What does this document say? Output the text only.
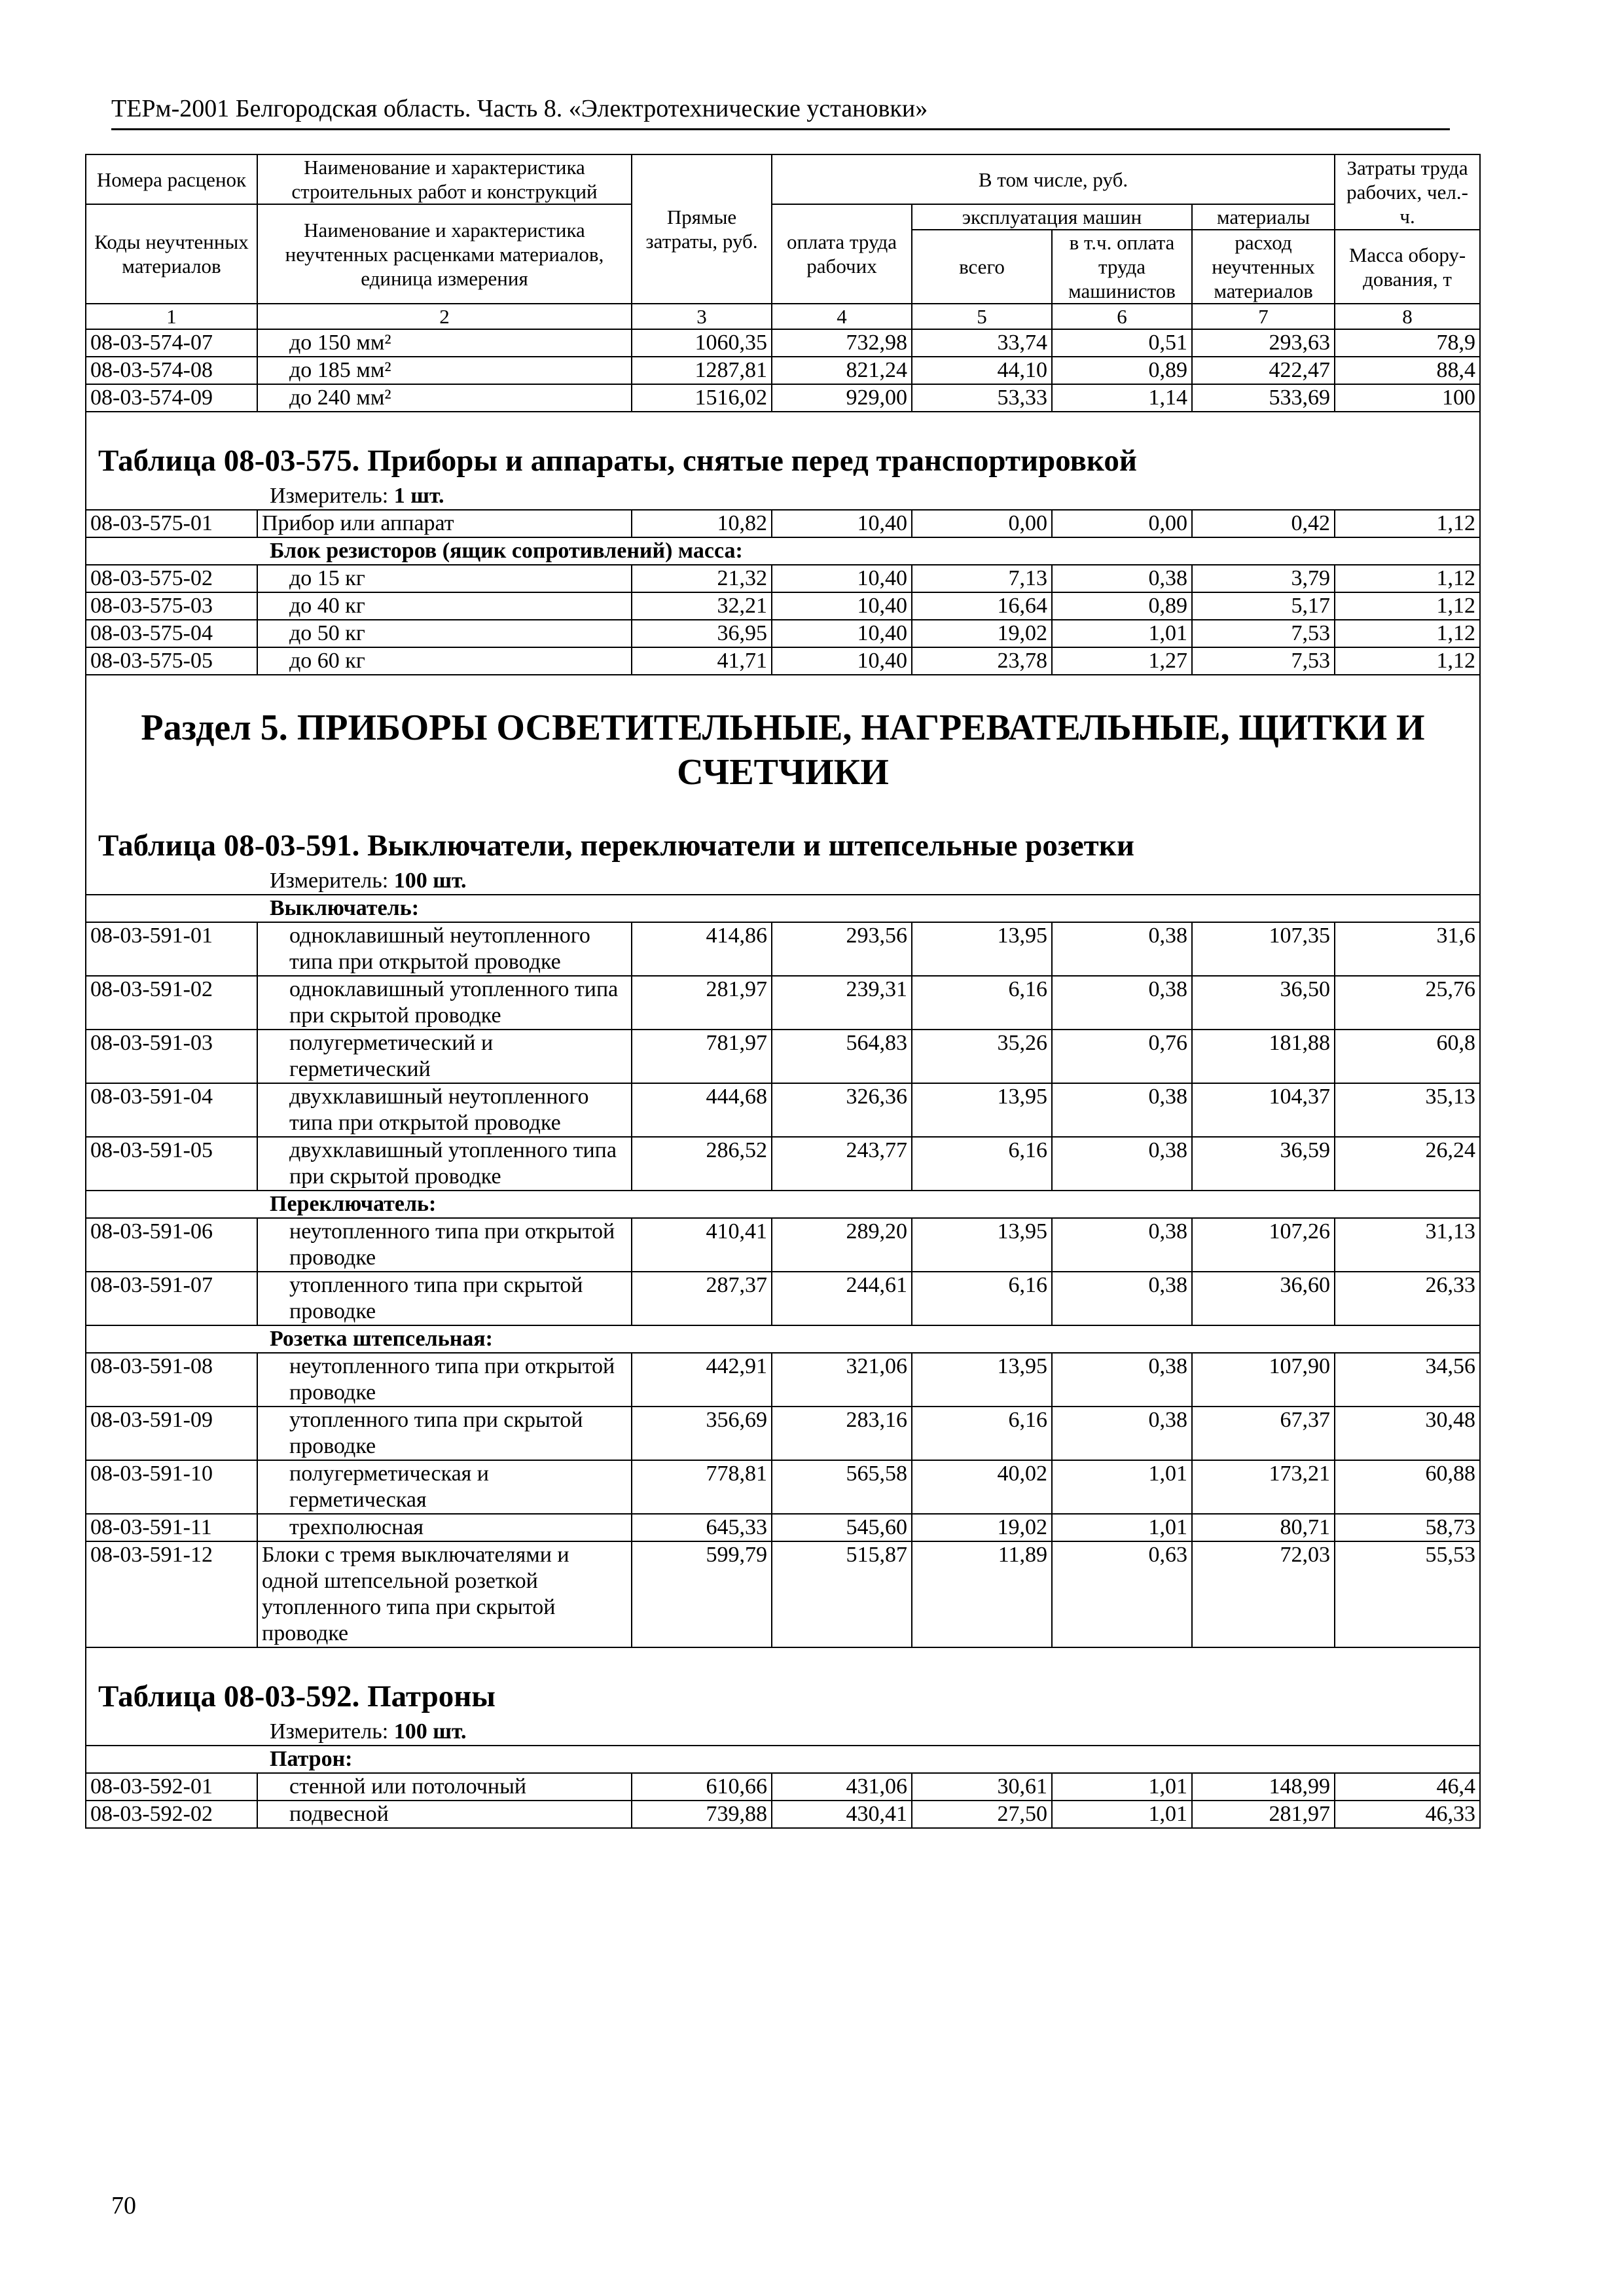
ТЕРм-2001 Белгородская область. Часть 8. «Электротехнические установки»
Номера расценок	Наименование и характеристика строительных работ и конструкций	Прямые затраты, руб.	В том числе, руб.				Затраты труда рабочих, чел.-ч.
Коды неучтенных материалов	Наименование и характеристика неучтенных расценками материалов, единица измерения		оплата труда рабочих	эксплуатация машин		материалы	
				всего	в т.ч. оплата труда машинистов	расход неучтенных материалов	
							Масса обору-дования, т
1	2	3	4	5	6	7	8
08-03-574-07	до 150 мм²	1060,35	732,98	33,74	0,51	293,63	78,9
08-03-574-08	до 185 мм²	1287,81	821,24	44,10	0,89	422,47	88,4
08-03-574-09	до 240 мм²	1516,02	929,00	53,33	1,14	533,69	100
Таблица 08-03-575. Приборы и аппараты, снятые перед транспортировкой							
Измеритель: 1 шт.							
08-03-575-01	Прибор или аппарат	10,82	10,40	0,00	0,00	0,42	1,12
Блок резисторов (ящик сопротивлений) масса:							
08-03-575-02	до 15 кг	21,32	10,40	7,13	0,38	3,79	1,12
08-03-575-03	до 40 кг	32,21	10,40	16,64	0,89	5,17	1,12
08-03-575-04	до 50 кг	36,95	10,40	19,02	1,01	7,53	1,12
08-03-575-05	до 60 кг	41,71	10,40	23,78	1,27	7,53	1,12
Раздел 5. ПРИБОРЫ ОСВЕТИТЕЛЬНЫЕ, НАГРЕВАТЕЛЬНЫЕ, ЩИТКИ И СЧЕТЧИКИ							
Таблица 08-03-591. Выключатели, переключатели и штепсельные розетки							
Измеритель: 100 шт.							
Выключатель:							
08-03-591-01	одноклавишный неутопленного типа при открытой проводке	414,86	293,56	13,95	0,38	107,35	31,6
08-03-591-02	одноклавишный утопленного типа при скрытой проводке	281,97	239,31	6,16	0,38	36,50	25,76
08-03-591-03	полугерметический и герметический	781,97	564,83	35,26	0,76	181,88	60,8
08-03-591-04	двухклавишный неутопленного типа при открытой проводке	444,68	326,36	13,95	0,38	104,37	35,13
08-03-591-05	двухклавишный утопленного типа при скрытой проводке	286,52	243,77	6,16	0,38	36,59	26,24
Переключатель:							
08-03-591-06	неутопленного типа при открытой проводке	410,41	289,20	13,95	0,38	107,26	31,13
08-03-591-07	утопленного типа при скрытой проводке	287,37	244,61	6,16	0,38	36,60	26,33
Розетка штепсельная:							
08-03-591-08	неутопленного типа при открытой проводке	442,91	321,06	13,95	0,38	107,90	34,56
08-03-591-09	утопленного типа при скрытой проводке	356,69	283,16	6,16	0,38	67,37	30,48
08-03-591-10	полугерметическая и герметическая	778,81	565,58	40,02	1,01	173,21	60,88
08-03-591-11	трехполюсная	645,33	545,60	19,02	1,01	80,71	58,73
08-03-591-12	Блоки с тремя выключателями и одной штепсельной розеткой утопленного типа при скрытой проводке	599,79	515,87	11,89	0,63	72,03	55,53
Таблица 08-03-592. Патроны							
Измеритель: 100 шт.							
Патрон:							
08-03-592-01	стенной или потолочный	610,66	431,06	30,61	1,01	148,99	46,4
08-03-592-02	подвесной	739,88	430,41	27,50	1,01	281,97	46,33
70
